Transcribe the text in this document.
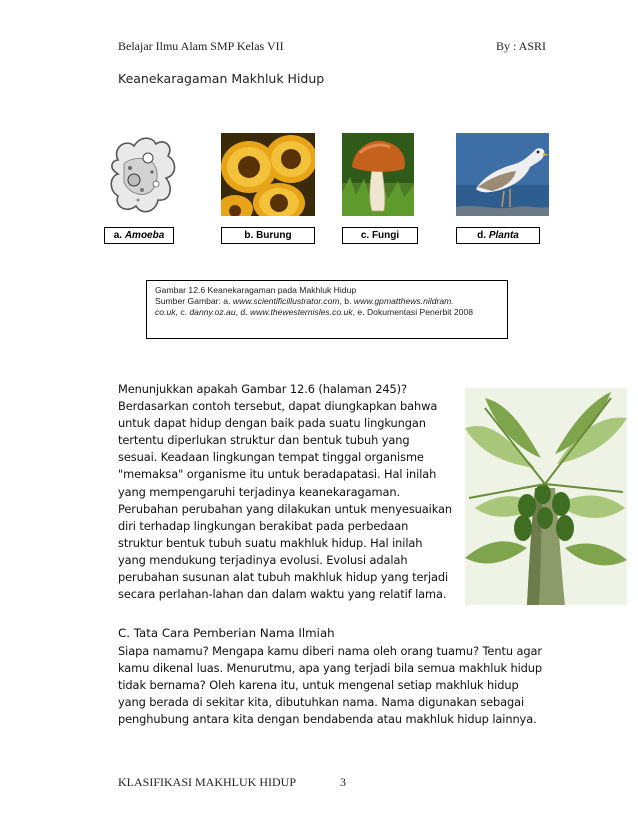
Belajar Ilmu Alam SMP Kelas VII	By : ASRI
Keanekaragaman Makhluk Hidup
a.
Amoeba	b.
Burung	c.
Fungi	d.
Planta
Gambar 12.6 Keanekaragaman pada Makhluk Hidup
Sumber Gambar: a. www.scientificillustrator.com, b. www.gpmatthews.nildram.
co.uk, c. danny.oz.au, d. www.thewesternisles.co.uk, e. Dokumentasi Penerbit 2008
Menunjukkan apakah Gambar 12.6 (halaman 245)?
Berdasarkan contoh tersebut, dapat diungkapkan bahwa
untuk dapat hidup dengan baik pada suatu lingkungan
tertentu diperlukan struktur dan bentuk tubuh yang
sesuai. Keadaan lingkungan tempat tinggal organisme
"memaksa" organisme itu untuk beradapatasi. Hal inilah
yang mempengaruhi terjadinya keanekaragaman.
Perubahan perubahan yang dilakukan untuk menyesuaikan
diri terhadap lingkungan berakibat pada perbedaan
struktur bentuk tubuh suatu makhluk hidup. Hal inilah
yang mendukung terjadinya evolusi. Evolusi adalah
perubahan susunan alat tubuh makhluk hidup yang terjadi
secara perlahan-lahan dan dalam waktu yang relatif lama.
C. Tata Cara Pemberian Nama Ilmiah
Siapa namamu? Mengapa kamu diberi nama oleh orang tuamu? Tentu agar
kamu dikenal luas. Menurutmu, apa yang terjadi bila semua makhluk hidup
tidak bernama? Oleh karena itu, untuk mengenal setiap makhluk hidup
yang berada di sekitar kita, dibutuhkan nama. Nama digunakan sebagai
penghubung antara kita dengan bendabenda atau makhluk hidup lainnya.
KLASIFIKASI MAKHLUK HIDUP	3
